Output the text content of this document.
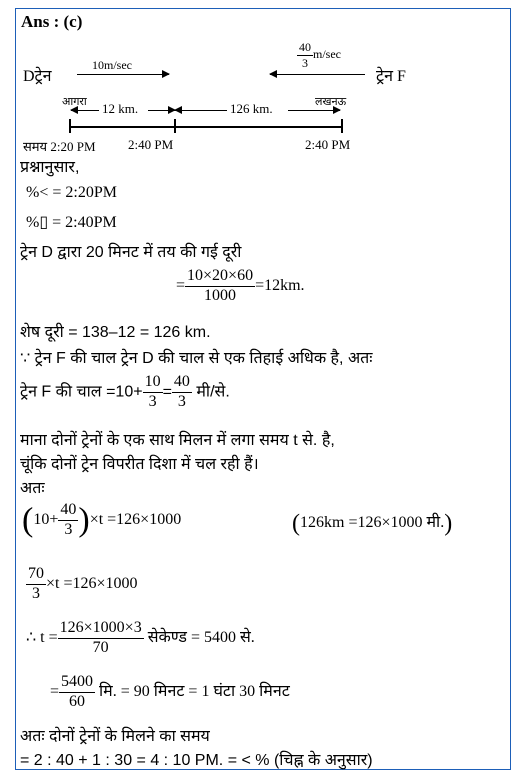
Ans : (c)
Dट्रेन
10m/sec	$\frac{40}{3} m/\sec$
ट्रेन F
आगरा	लखनऊ
12 km.	126 km.
समय 2:20 PM 2:40 PM	2:40 PM
प्रश्नानुसार,
%< = 2:20PM
%▯ = 2:40PM
ट्रेन D द्वारा 20 मिनट में तय की गई दूरी
= $\frac{10\times 20\times 60}{1000} =12km$.
शेष दूरी = 138–12 = 126 km.
∵ ट्रेन F की चाल ट्रेन D की चाल से एक तिहाई अधिक है, अतः
ट्रेन F की चाल $=10+ \frac{10}{3} = \frac{40}{3}$ मी/से.
माना दोनों ट्रेनों के एक साथ मिलन में लगा समय t से. है,
चूंकि दोनों ट्रेन विपरीत दिशा में चल रही हैं।
अतः
$(10+ \frac{40}{3} )\times t =126\times 1000$	(126km =126×1000 मी.)
$\frac{70}{3} \times t =126\times 1000$
∴ $t = \frac{126\times 1000\times 3}{70}$ सेकेण्ड = 5400 से.
= $\frac{5400}{60}$ मि. = 90 मिनट = 1 घंटा 30 मिनट
अतः दोनों ट्रेनों के मिलने का समय
= 2 : 40 + 1 : 30 = 4 : 10 PM. = < % (चिह्न के अनुसार)
